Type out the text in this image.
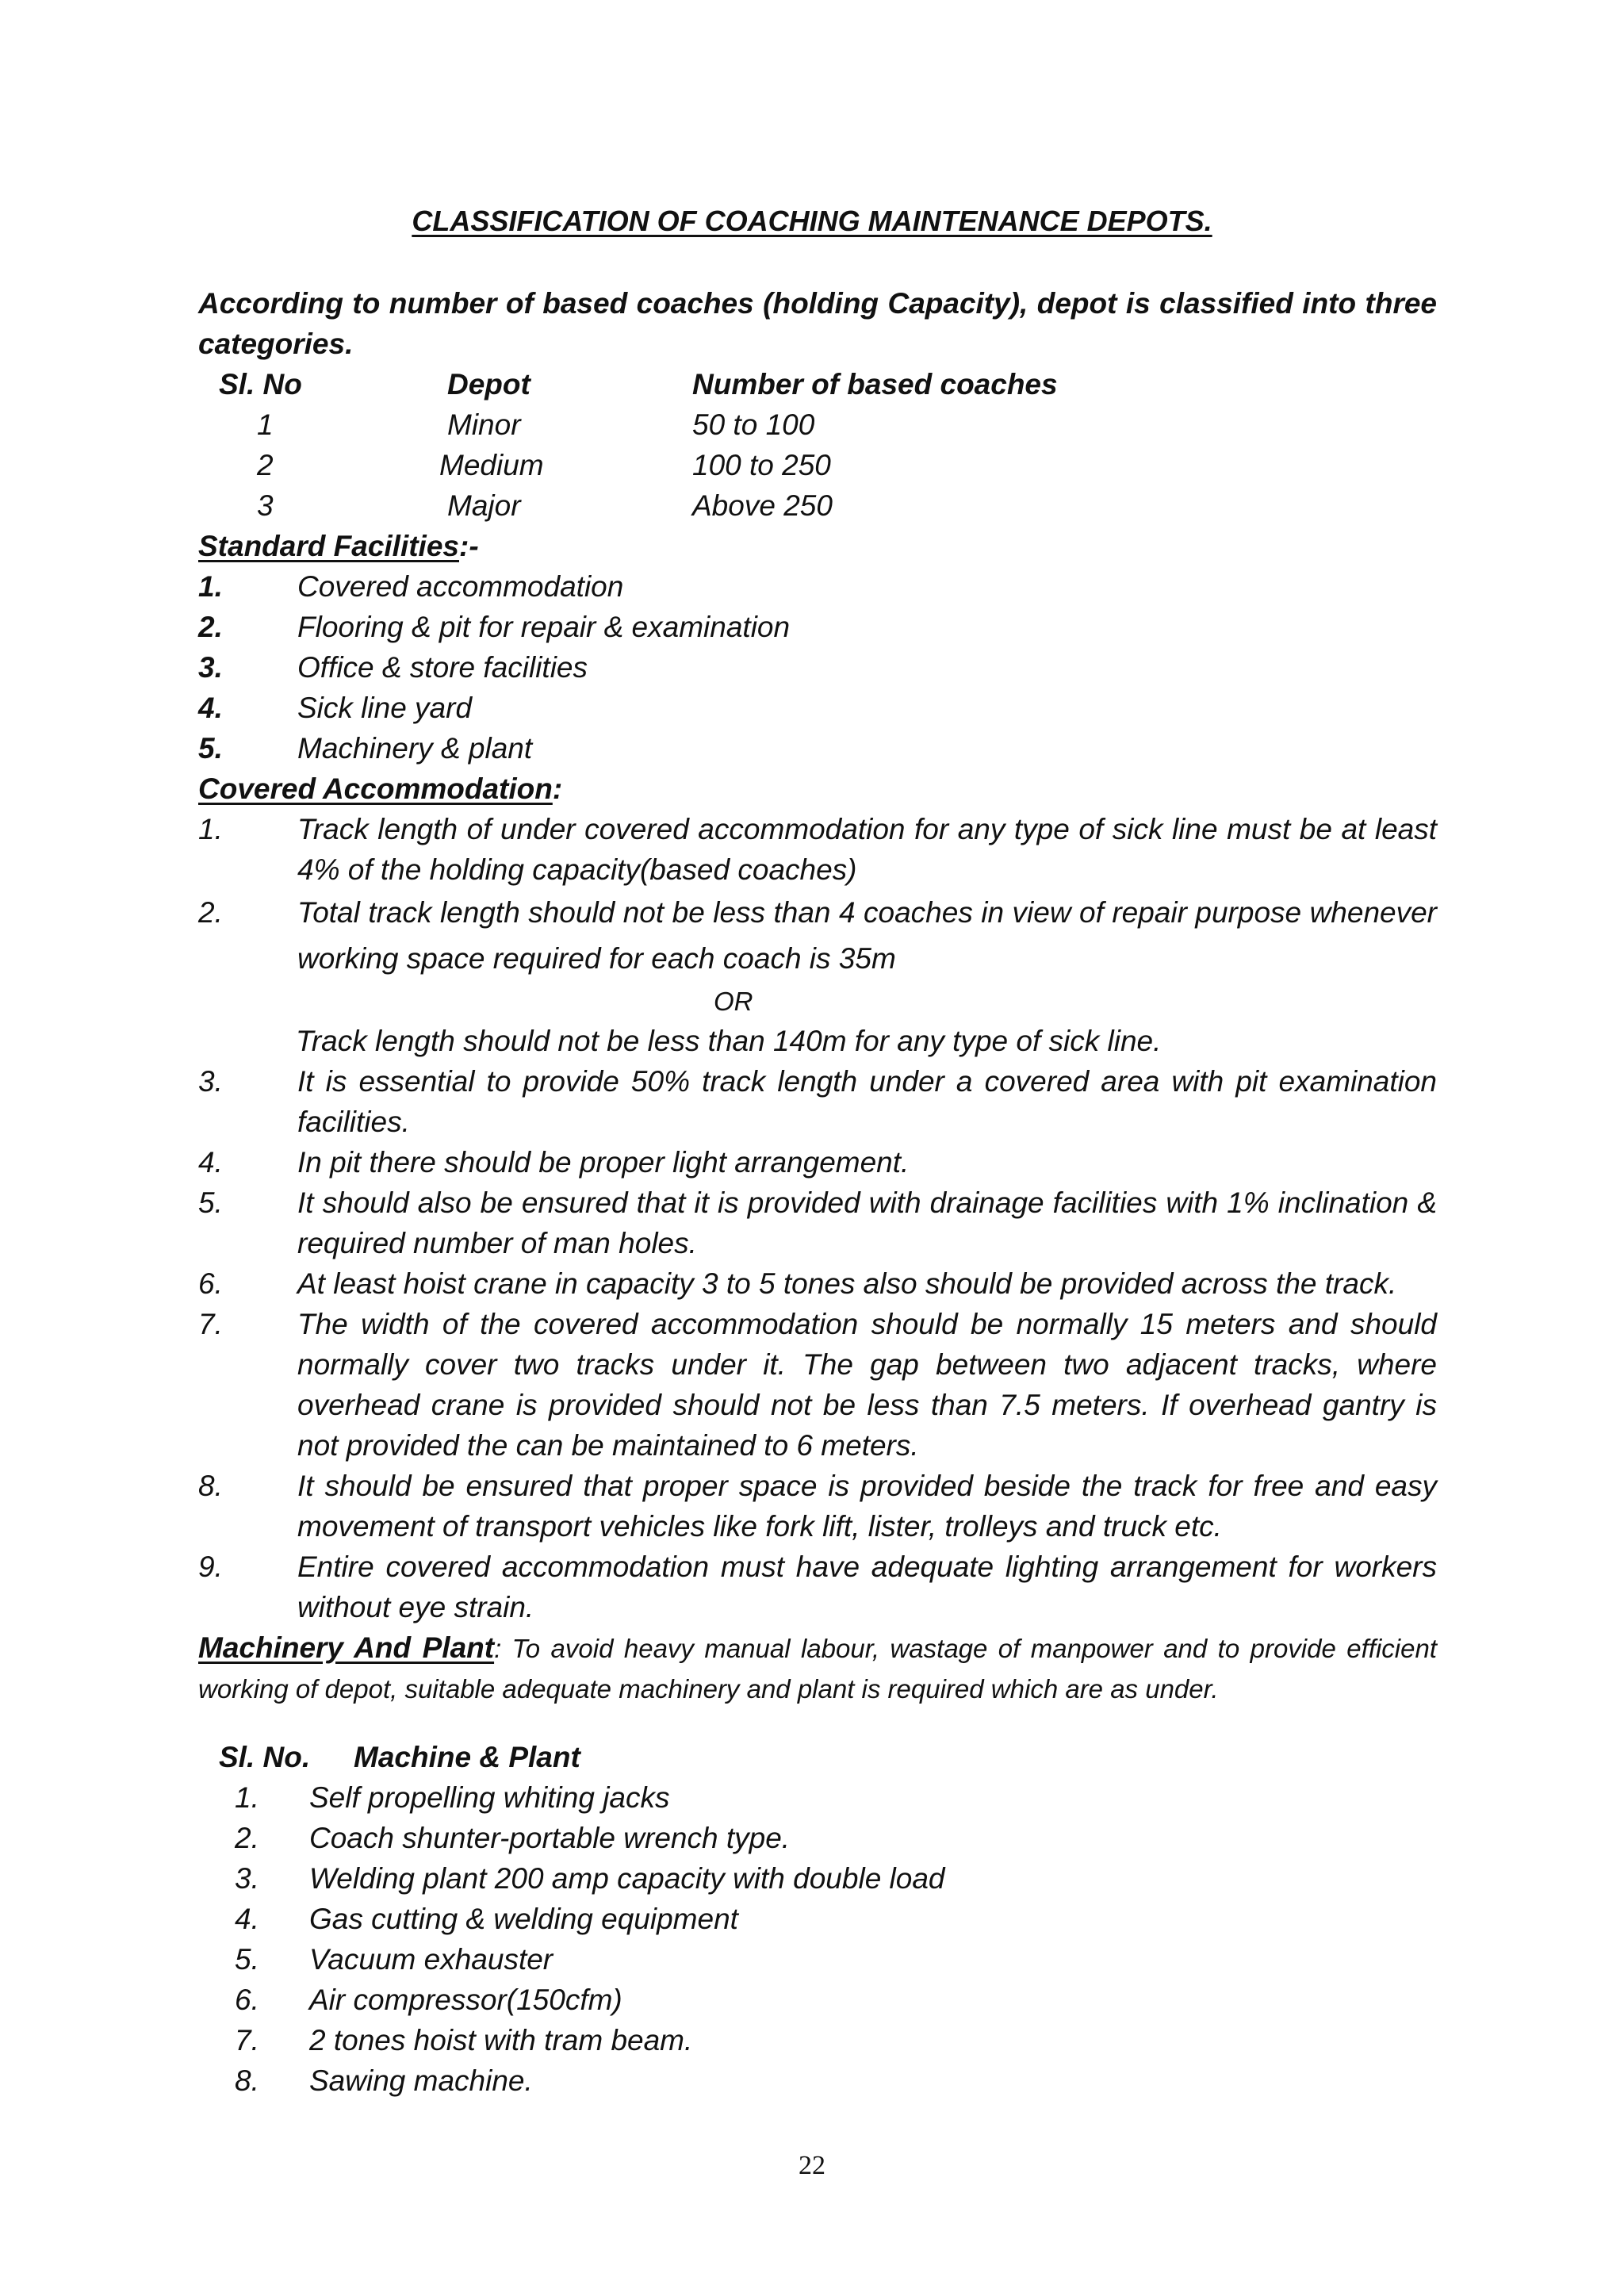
CLASSIFICATION OF COACHING MAINTENANCE DEPOTS.
According to number of based coaches (holding Capacity), depot is classified into three categories.
Sl. No	Depot	Number of based coaches
1	Minor	50 to 100
2	Medium	100 to 250
3	Major	Above 250
Standard Facilities:-
1.	Covered accommodation
2.	Flooring & pit for repair & examination
3.	Office & store facilities
4.	Sick line yard
5.	Machinery & plant
Covered Accommodation:
1.	Track length of under covered accommodation for any type of sick line must be at least 4% of the holding capacity(based coaches)
2.	Total track length should not be less than 4 coaches in view of repair purpose whenever working space required for each coach is 35m
OR
Track length should not be less than 140m for any type of sick line.
3.	It is essential to provide 50% track length under a covered area with pit examination facilities.
4.	In pit there should be proper light arrangement.
5.	It should also be ensured that it is provided with drainage facilities with 1% inclination & required number of man holes.
6.	At least hoist crane in capacity 3 to 5 tones also should be provided across the track.
7.	The width of the covered accommodation should be normally 15 meters and should normally cover two tracks under it. The gap between two adjacent tracks, where overhead crane is provided should not be less than 7.5 meters. If overhead gantry is not provided the can be maintained to 6 meters.
8.	It should be ensured that proper space is provided beside the track for free and easy movement of transport vehicles like fork lift, lister, trolleys and truck etc.
9.	Entire covered accommodation must have adequate lighting arrangement for workers without eye strain.
Machinery And Plant: To avoid heavy manual labour, wastage of manpower and to provide efficient working of depot, suitable adequate machinery and plant is required which are as under.
Sl. No. Machine & Plant
1. Self propelling whiting jacks
2. Coach shunter-portable wrench type.
3. Welding plant 200 amp capacity with double load
4. Gas cutting & welding equipment
5. Vacuum exhauster
6. Air compressor(150cfm)
7. 2 tones hoist with tram beam.
8. Sawing machine.
22
